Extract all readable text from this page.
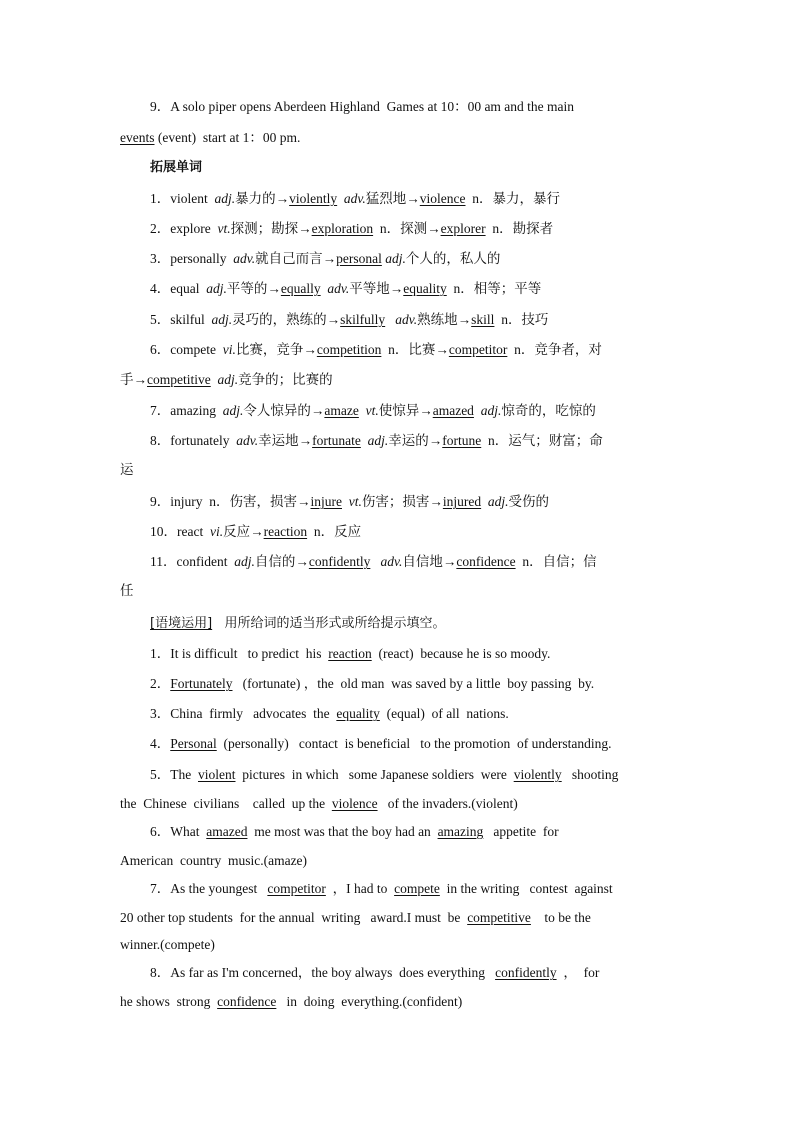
9．A solo piper opens Aberdeen Highland  Games at 10：00 am and the main
events (event)  start at 1：00 pm.
拓展单词
1．violent  adj.暴力的→violently  adv.猛烈地→violence  n．暴力，暴行
2．explore  vt.探测；勘探→exploration  n．探测→explorer  n．勘探者
3．personally  adv.就自己而言→personal adj.个人的，私人的
4．equal  adj.平等的→equally  adv.平等地→equality  n．相等；平等
5．skilful  adj.灵巧的，熟练的→skilfully   adv.熟练地→skill  n．技巧
6．compete  vi.比赛，竞争→competition  n．比赛→competitor  n．竞争者，对
手→competitive  adj.竞争的；比赛的
7．amazing  adj.令人惊异的→amaze  vt.使惊异→amazed  adj.惊奇的，吃惊的
8．fortunately  adv.幸运地→fortunate  adj.幸运的→fortune  n．运气；财富；命
运
9．injury  n．伤害，损害→injure  vt.伤害；损害→injured  adj.受伤的
10．react  vi.反应→reaction  n．反应
11．confident  adj.自信的→confidently   adv.自信地→confidence  n．自信；信
任
[语境运用]   用所给词的适当形式或所给提示填空。
1．It is difficult   to predict  his  reaction  (react)  because he is so moody.
2．Fortunately   (fortunate) ，the  old man  was saved by a little  boy passing  by.
3．China  firmly   advocates  the  equality  (equal)  of all  nations.
4．Personal  (personally)   contact  is beneficial   to the promotion  of understanding.
5．The  violent  pictures  in which   some Japanese soldiers  were  violently   shooting
the  Chinese  civilians    called  up the  violence   of the invaders.(violent)
6．What  amazed  me most was that the boy had an  amazing   appetite  for
American  country  music.(amaze)
7．As the youngest   competitor  ，I had to  compete  in the writing   contest  against
20 other top students  for the annual  writing   award.I must  be  competitive    to be the
winner.(compete)
8．As far as I'm concerned，the boy always  does everything   confidently  ，  for
he shows  strong  confidence   in  doing  everything.(confident)
